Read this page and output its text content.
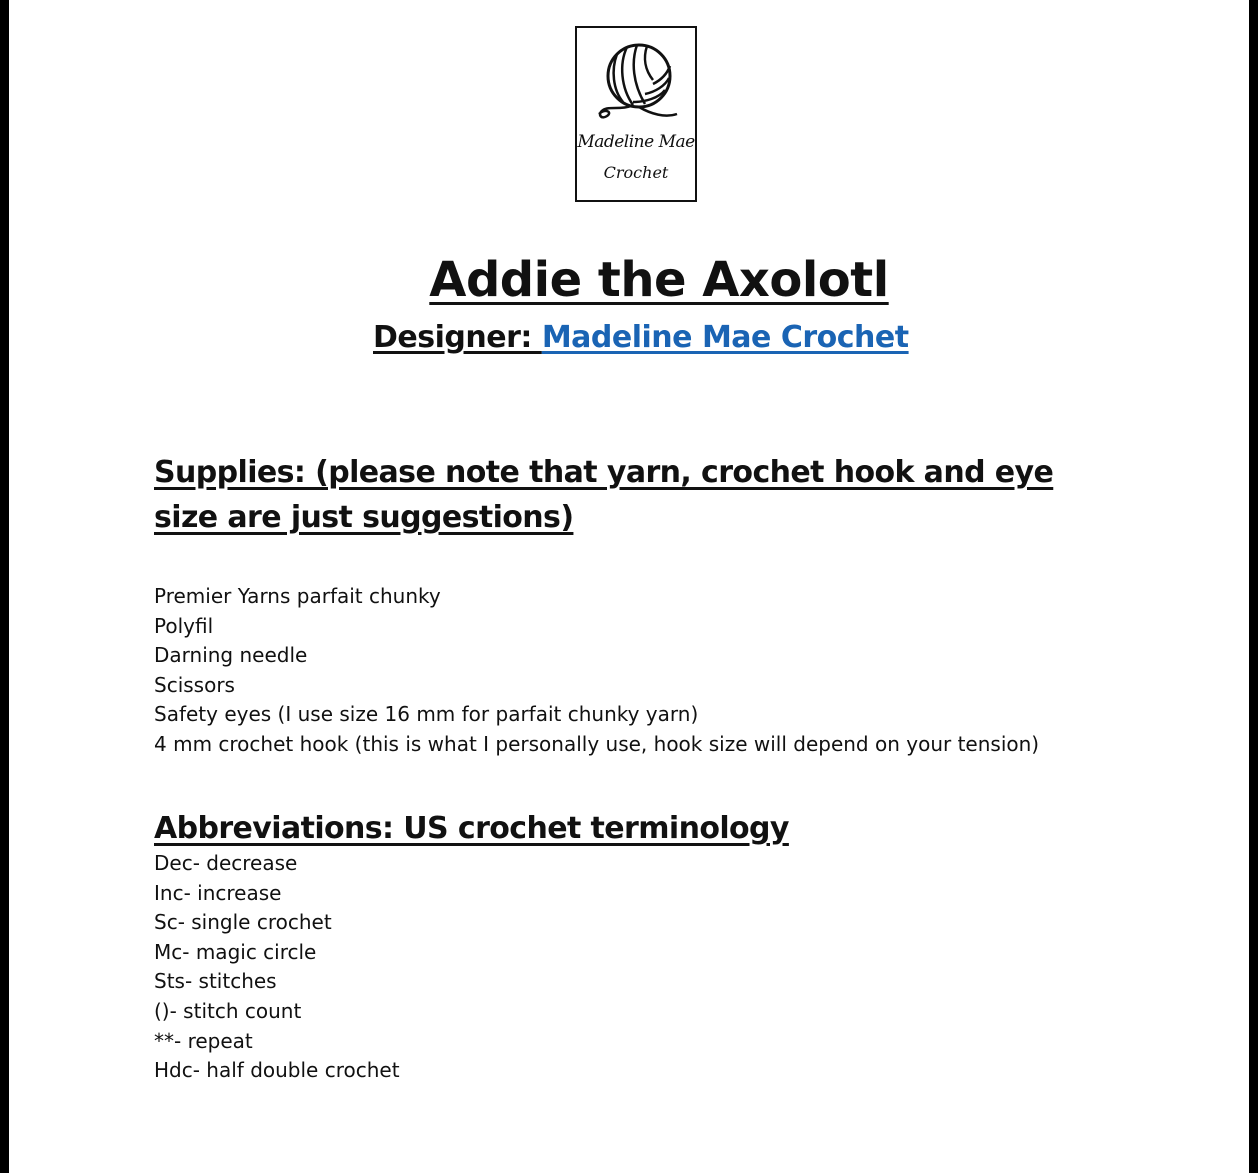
Madeline Mae
Crochet
Addie the Axolotl
Designer: Madeline Mae Crochet
Supplies: (please note that yarn, crochet hook and eye size are just suggestions)
Premier Yarns parfait chunky
Polyfil
Darning needle
Scissors
Safety eyes (I use size 16 mm for parfait chunky yarn)
4 mm crochet hook (this is what I personally use, hook size will depend on your tension)
Abbreviations: US crochet terminology
Dec- decrease
Inc- increase
Sc- single crochet
Mc- magic circle
Sts- stitches
()- stitch count
**- repeat
Hdc- half double crochet
